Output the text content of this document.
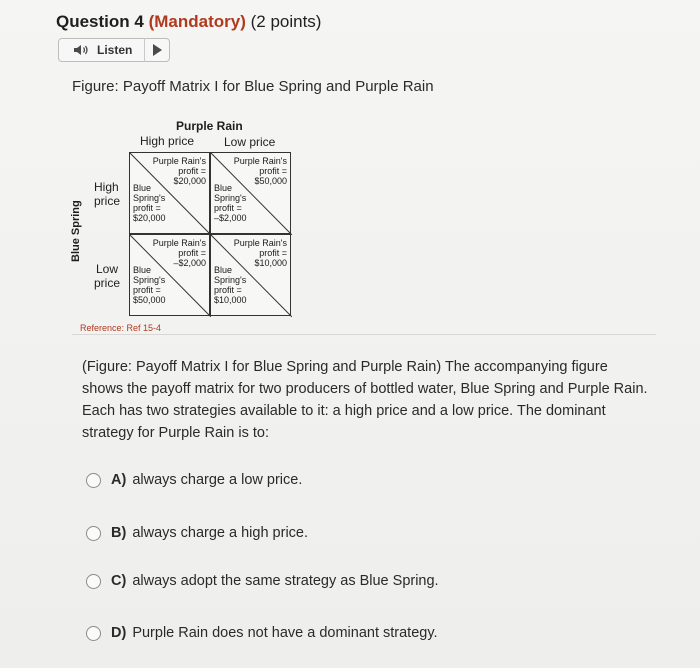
Question 4 (Mandatory) (2 points)
Listen
Figure: Payoff Matrix I for Blue Spring and Purple Rain
Purple Rain
High price Low price
Blue Spring
High
price
Low
price
Purple Rain's
profit =
$20,000
Blue
Spring's
profit =
$20,000
Purple Rain's
profit =
$50,000
Blue
Spring's
profit =
–$2,000
Purple Rain's
profit =
–$2,000
Blue
Spring's
profit =
$50,000
Purple Rain's
profit =
$10,000
Blue
Spring's
profit =
$10,000
Reference: Ref 15-4
(Figure: Payoff Matrix I for Blue Spring and Purple Rain) The accompanying figure shows the payoff matrix for two producers of bottled water, Blue Spring and Purple Rain. Each has two strategies available to it: a high price and a low price. The dominant strategy for Purple Rain is to:
A) always charge a low price.
B) always charge a high price.
C) always adopt the same strategy as Blue Spring.
D) Purple Rain does not have a dominant strategy.
